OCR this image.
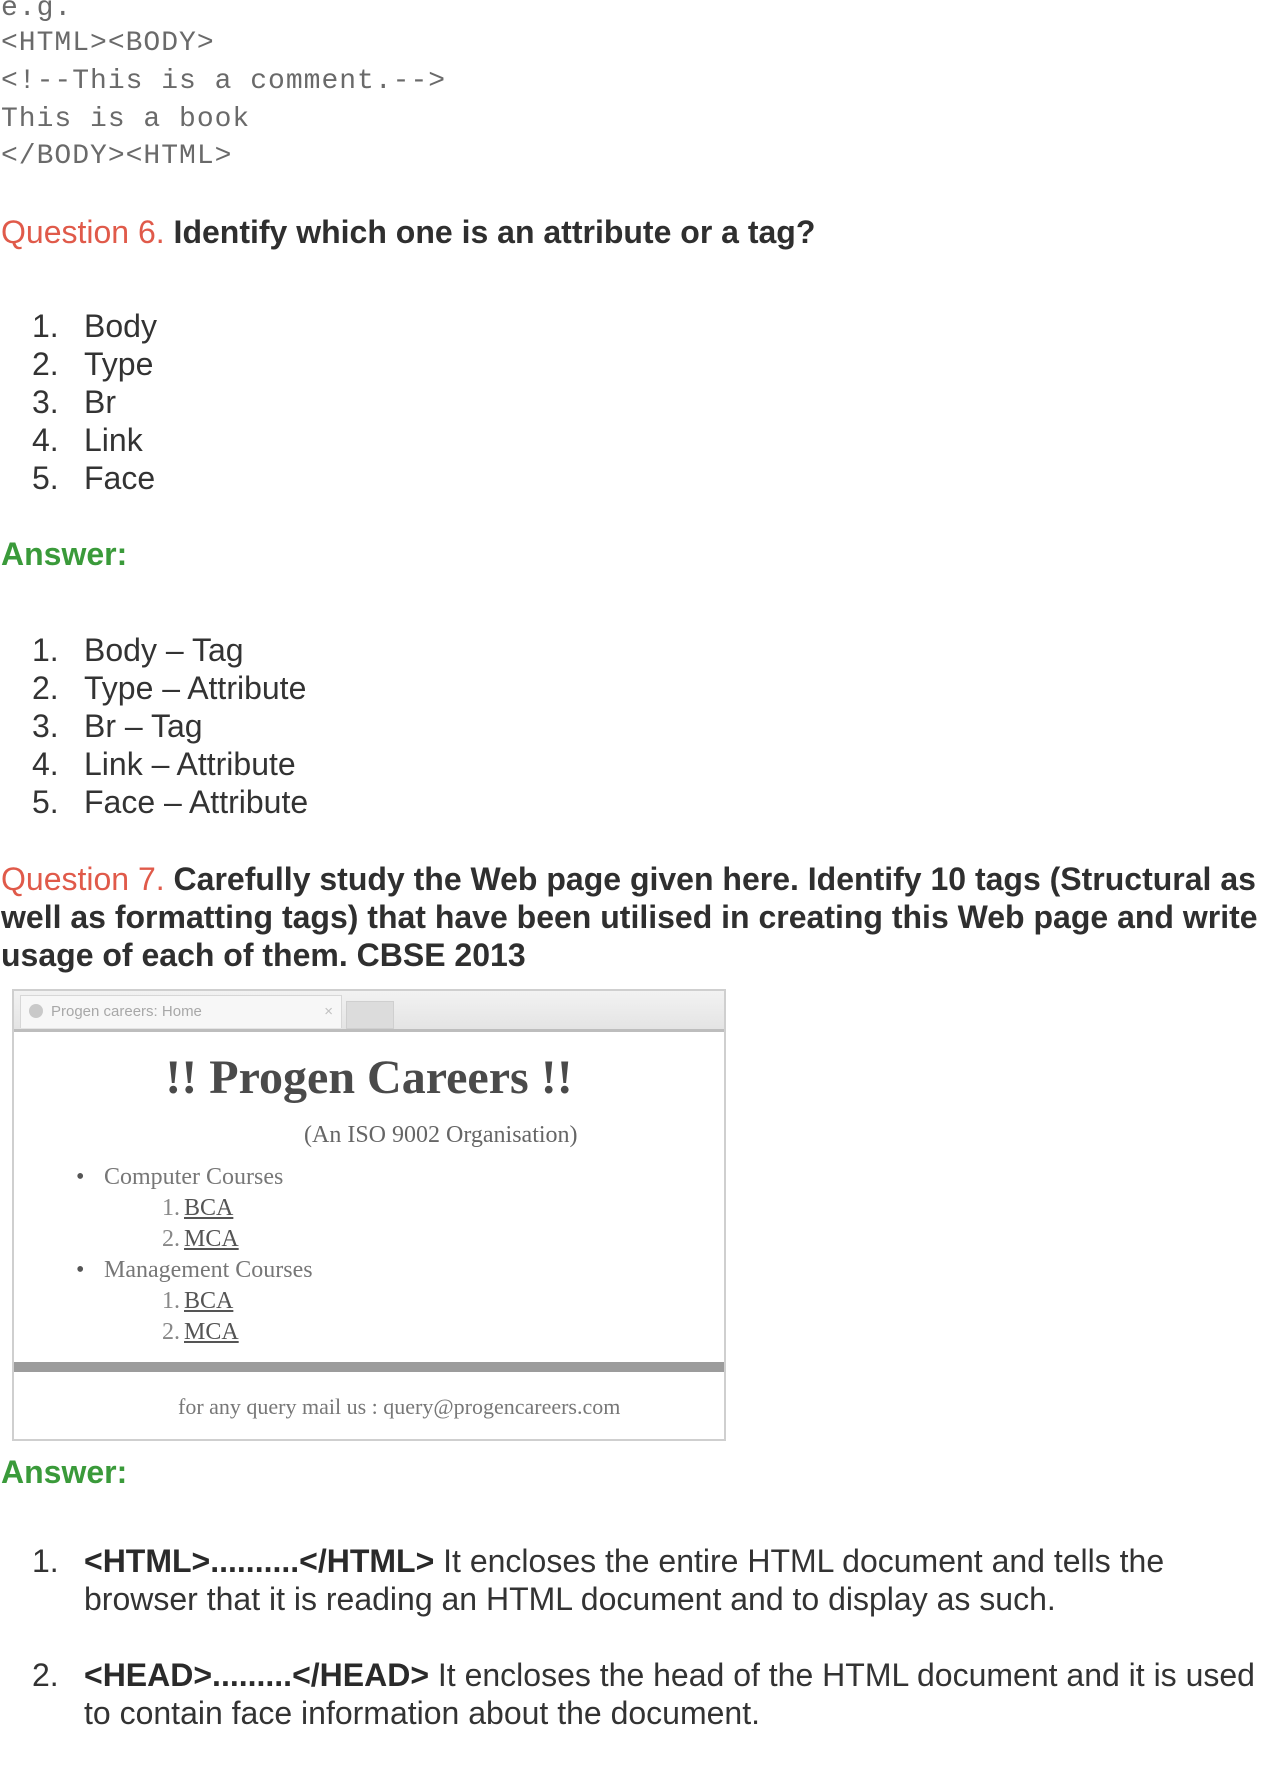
e.g.
<HTML><BODY>
<!--This is a comment.-->
This is a book
</BODY><HTML>
Question 6. Identify which one is an attribute or a tag?
1. Body
2. Type
3. Br
4. Link
5. Face
Answer:
1. Body – Tag
2. Type – Attribute
3. Br – Tag
4. Link – Attribute
5. Face – Attribute
Question 7. Carefully study the Web page given here. Identify 10 tags (Structural as well as formatting tags) that have been utilised in creating this Web page and write usage of each of them. CBSE 2013
Progen careers: Home	×
!! Progen Careers !!
(An ISO 9002 Organisation)
• Computer Courses
1. BCA
2. MCA
• Management Courses
1. BCA
2. MCA
for any query mail us : query@progencareers.com
Answer:
1. <HTML>..........</HTML> It encloses the entire HTML document and tells the browser that it is reading an HTML document and to display as such.
2. <HEAD>.........</HEAD> It encloses the head of the HTML document and it is used to contain face information about the document.
